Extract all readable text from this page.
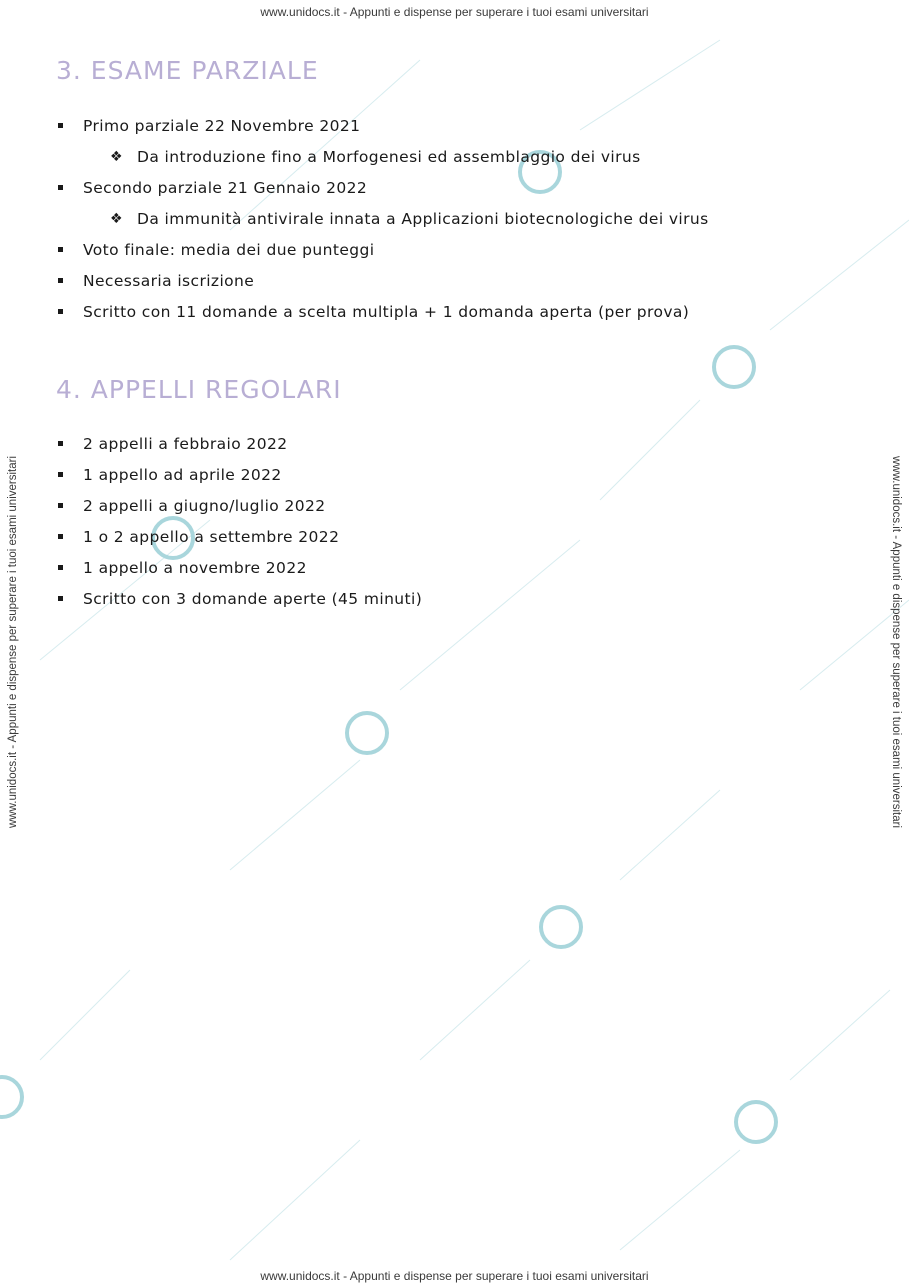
www.unidocs.it - Appunti e dispense per superare i tuoi esami universitari
www.unidocs.it - Appunti e dispense per superare i tuoi esami universitari
www.unidocs.it - Appunti e dispense per superare i tuoi esami universitari	www.unidocs.it - Appunti e dispense per superare i tuoi esami universitari
3. ESAME PARZIALE
Primo parziale 22 Novembre 2021
❖ Da introduzione fino a Morfogenesi ed assemblaggio dei virus
Secondo parziale 21 Gennaio 2022
❖ Da immunità antivirale innata a Applicazioni biotecnologiche dei virus
Voto finale: media dei due punteggi
Necessaria iscrizione
Scritto con 11 domande a scelta multipla + 1 domanda aperta (per prova)
4. APPELLI REGOLARI
2 appelli a febbraio 2022
1 appello ad aprile 2022
2 appelli a giugno/luglio 2022
1 o 2 appello a settembre 2022
1 appello a novembre 2022
Scritto con 3 domande aperte (45 minuti)
